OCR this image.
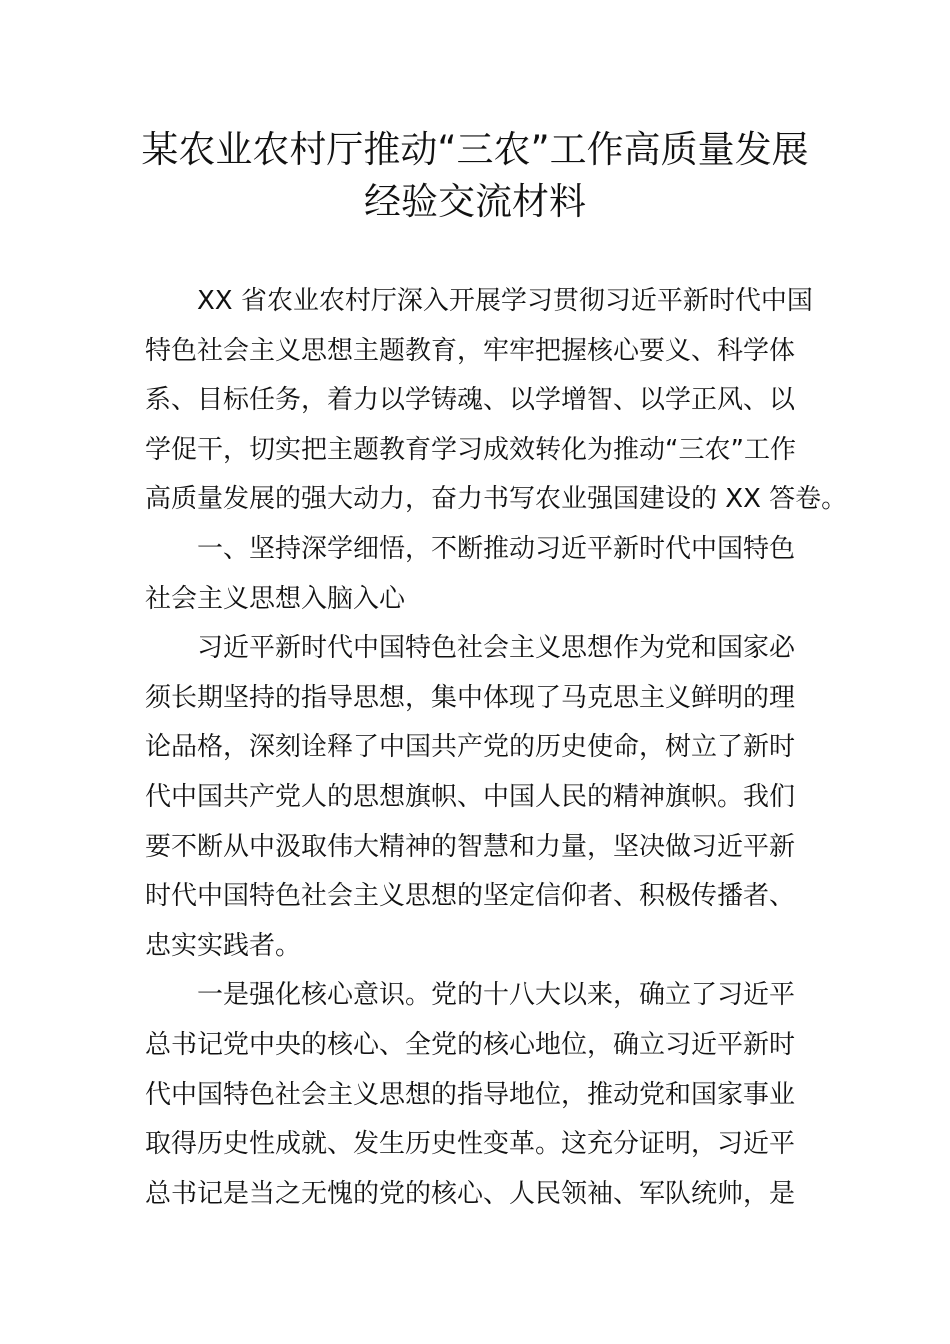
某农业农村厅推动“三农”工作高质量发展
经验交流材料
XX 省农业农村厅深入开展学习贯彻习近平新时代中国
特色社会主义思想主题教育，牢牢把握核心要义、科学体
系、目标任务，着力以学铸魂、以学增智、以学正风、以
学促干，切实把主题教育学习成效转化为推动“三农”工作
高质量发展的强大动力，奋力书写农业强国建设的 XX 答卷。
一、坚持深学细悟，不断推动习近平新时代中国特色
社会主义思想入脑入心
习近平新时代中国特色社会主义思想作为党和国家必
须长期坚持的指导思想，集中体现了马克思主义鲜明的理
论品格，深刻诠释了中国共产党的历史使命，树立了新时
代中国共产党人的思想旗帜、中国人民的精神旗帜。我们
要不断从中汲取伟大精神的智慧和力量，坚决做习近平新
时代中国特色社会主义思想的坚定信仰者、积极传播者、
忠实实践者。
一是强化核心意识。党的十八大以来，确立了习近平
总书记党中央的核心、全党的核心地位，确立习近平新时
代中国特色社会主义思想的指导地位，推动党和国家事业
取得历史性成就、发生历史性变革。这充分证明，习近平
总书记是当之无愧的党的核心、人民领袖、军队统帅，是
